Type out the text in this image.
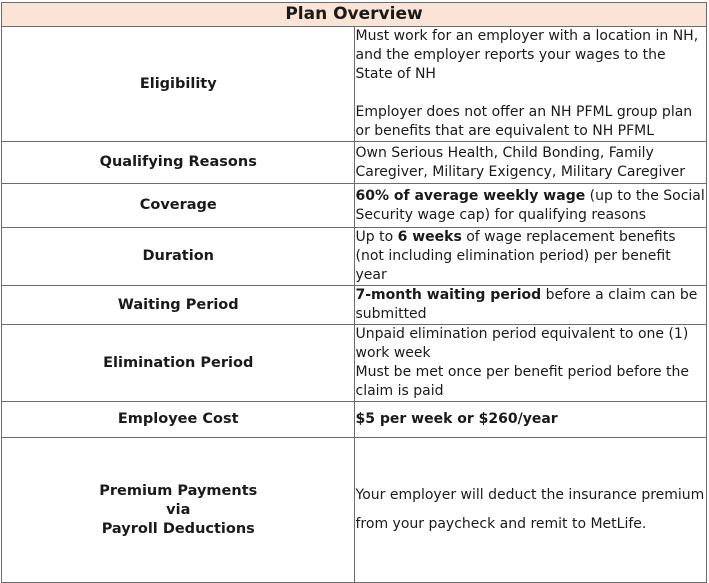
Plan Overview	
Eligibility	Must work for an employer with a location in NH, and the employer reports your wages to the State of NH
Employer does not offer an NH PFML group plan or benefits that are equivalent to NH PFML
Qualifying Reasons	Own Serious Health, Child Bonding, Family Caregiver, Military Exigency, Military Caregiver
Coverage	60% of average weekly wage (up to the Social Security wage cap) for qualifying reasons
Duration	Up to 6 weeks of wage replacement benefits (not including elimination period) per benefit year
Waiting Period	7-month waiting period before a claim can be submitted
Elimination Period	Unpaid elimination period equivalent to one (1) work week
Must be met once per benefit period before the claim is paid
Employee Cost	$5 per week or $260/year
Premium Payments
via
Payroll Deductions	Your employer will deduct the insurance premium from your paycheck and remit to MetLife.
